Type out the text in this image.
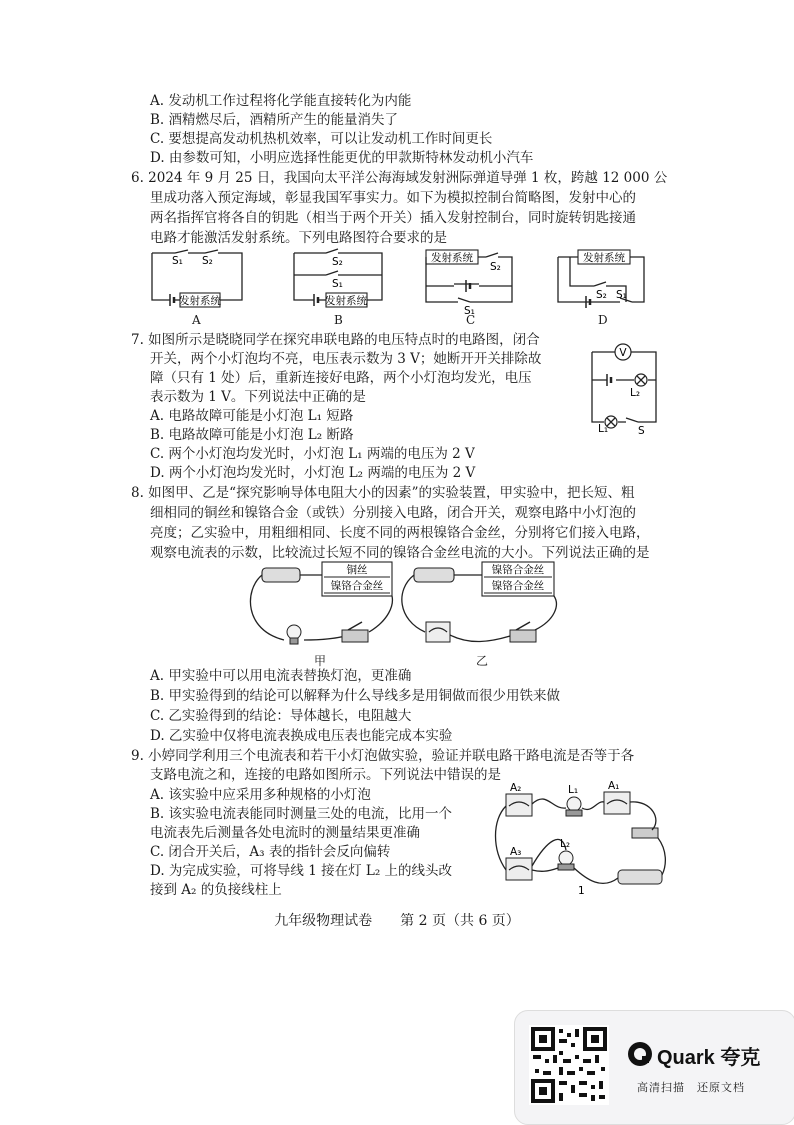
A. 发动机工作过程将化学能直接转化为内能
B. 酒精燃尽后，酒精所产生的能量消失了
C. 要想提高发动机热机效率，可以让发动机工作时间更长
D. 由参数可知，小明应选择性能更优的甲款斯特林发动机小汽车
6. 2024 年 9 月 25 日，我国向太平洋公海海域发射洲际弹道导弹 1 枚，跨越 12 000 公
里成功落入预定海域，彰显我国军事实力。如下为模拟控制台简略图，发射中心的
两名指挥官将各自的钥匙（相当于两个开关）插入发射控制台，同时旋转钥匙接通
电路才能激活发射系统。下列电路图符合要求的是
发射系统
S₁ S₂
A
发射系统
S₂
S₁
B
发射系统
S₂
S₁
C
发射系统
S₂ S₁
D
7. 如图所示是晓晓同学在探究串联电路的电压特点时的电路图，闭合
开关，两个小灯泡均不亮，电压表示数为 3 V；她断开开关排除故
障（只有 1 处）后，重新连接好电路，两个小灯泡均发光，电压
表示数为 1 V。下列说法中正确的是
A. 电路故障可能是小灯泡 L₁ 短路
B. 电路故障可能是小灯泡 L₂ 断路
C. 两个小灯泡均发光时，小灯泡 L₁ 两端的电压为 2 V
D. 两个小灯泡均发光时，小灯泡 L₂ 两端的电压为 2 V
V
L₂
L₁	S
8. 如图甲、乙是“探究影响导体电阻大小的因素”的实验装置，甲实验中，把长短、粗
细相同的铜丝和镍铬合金（或铁）分别接入电路，闭合开关，观察电路中小灯泡的
亮度；乙实验中，用粗细相同、长度不同的两根镍铬合金丝，分别将它们接入电路，
观察电流表的示数，比较流过长短不同的镍铬合金丝电流的大小。下列说法正确的是
铜丝
镍铬合金丝
甲
镍铬合金丝
镍铬合金丝
乙
A. 甲实验中可以用电流表替换灯泡，更准确
B. 甲实验得到的结论可以解释为什么导线多是用铜做而很少用铁来做
C. 乙实验得到的结论：导体越长，电阻越大
D. 乙实验中仅将电流表换成电压表也能完成本实验
9. 小婷同学利用三个电流表和若干小灯泡做实验，验证并联电路干路电流是否等于各
支路电流之和，连接的电路如图所示。下列说法中错误的是
A. 该实验中应采用多种规格的小灯泡
B. 该实验电流表能同时测量三处的电流，比用一个
电流表先后测量各处电流时的测量结果更准确
C. 闭合开关后，A₃ 表的指针会反向偏转
D. 为完成实验，可将导线 1 接在灯 L₂ 上的线头改
接到 A₂ 的负接线柱上
A₂	A₁
A₃
L₁
L₂
1
九年级物理试卷　　第 2 页（共 6 页）
Quark 夸克
高清扫描　还原文档
